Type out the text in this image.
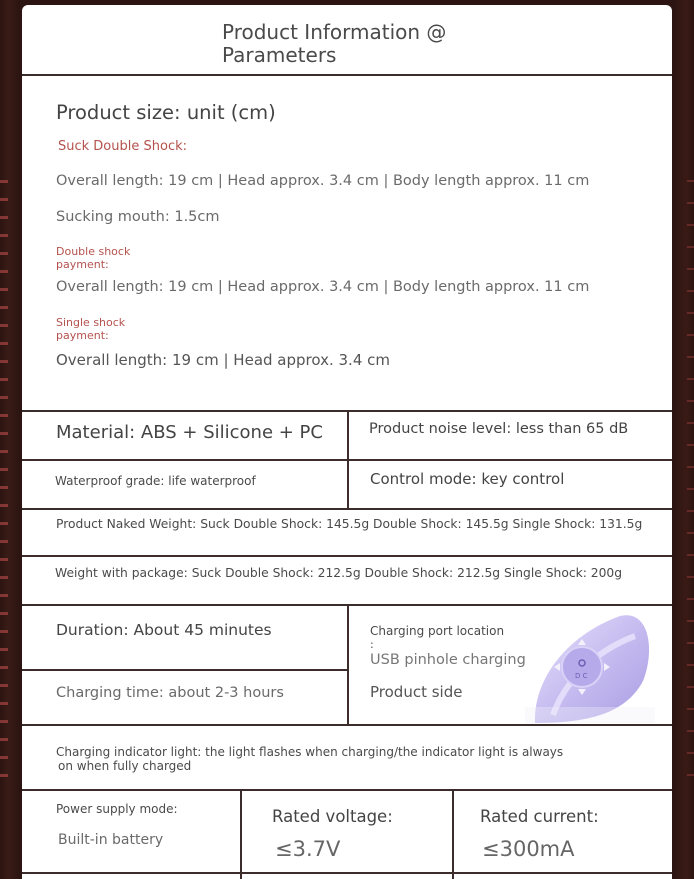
Product Information @ Parameters
Product size: unit (cm)
Suck Double Shock:
Overall length: 19 cm | Head approx. 3.4 cm | Body length approx. 11 cm
Sucking mouth: 1.5cm
Double shock
payment:
Overall length: 19 cm | Head approx. 3.4 cm | Body length approx. 11 cm
Single shock
payment:
Overall length: 19 cm | Head approx. 3.4 cm
Material: ABS + Silicone + PC	Product noise level: less than 65 dB
Waterproof grade: life waterproof	Control mode: key control
Product Naked Weight: Suck Double Shock: 145.5g Double Shock: 145.5g Single Shock: 131.5g
Weight with package: Suck Double Shock: 212.5g Double Shock: 212.5g Single Shock: 200g
Duration: About 45 minutes
Charging time: about 2-3 hours
Charging port location
:
USB pinhole charging
Product side
Charging indicator light: the light flashes when charging/the indicator light is always
on when fully charged
Power supply mode:
Built-in battery
Rated voltage:
≤3.7V
Rated current:
≤300mA
D C
